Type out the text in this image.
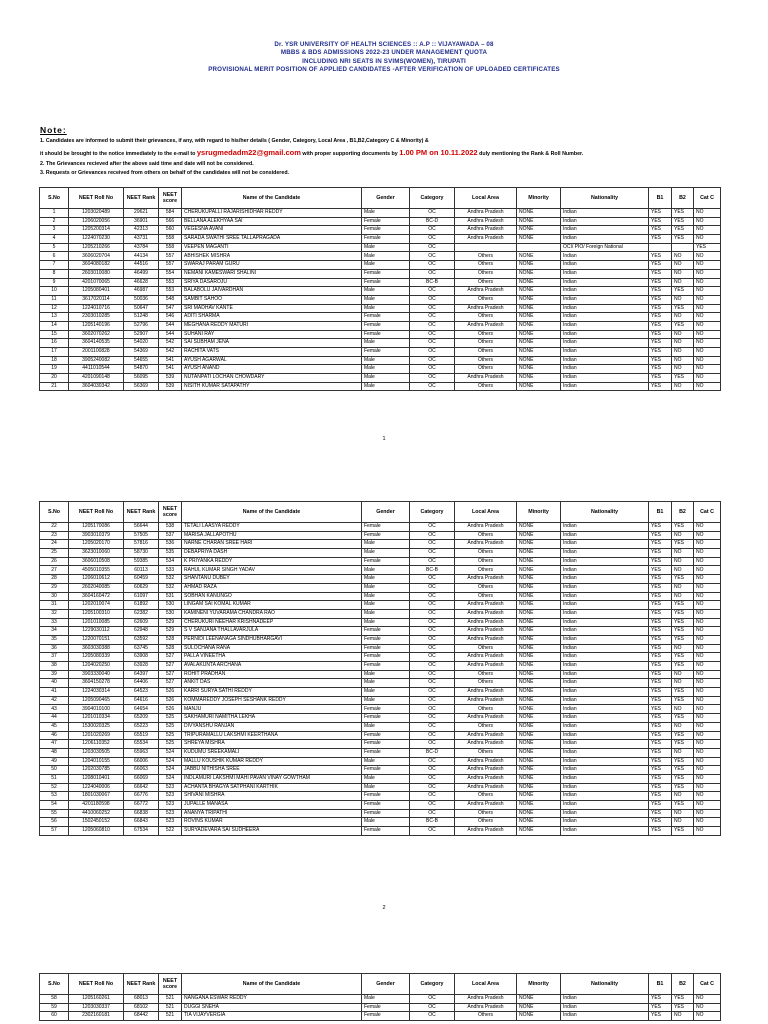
Dr. YSR UNIVERSITY OF HEALTH SCIENCES :: A.P :: VIJAYAWADA – 08
MBBS & BDS ADMISSIONS 2022-23 UNDER MANAGEMENT QUOTA
INCLUDING NRI SEATS IN SVIMS(WOMEN), TIRUPATI
PROVISIONAL MERIT POSITION OF APPLIED CANDIDATES -AFTER VERIFICATION OF UPLOADED CERTIFICATES
Note:
1. Candidates are informed to submit their grievances, if any, with regard to his/her details ( Gender, Category, Local Area , B1,B2,Category C & Minority) &
it should be brought to the notice immediately to the e-mail to ysrugmedadm22@gmail.com with proper supporting documents by 1.00 PM on 10.11.2022 duly mentioning the Rank & Roll Number.
2. The Grievances recieved after the above said time and date will not be considered.
3. Requests or Grievances received from others on behalf of the candidates will not be considered.
S.No	NEET Roll No	NEET Rank	NEET score	Name of the Candidate	Gender	Category	Local Area	Minority	Nationality	B1	B2	Cat C
1	1203020489	29621	584	CHERUKUPALLI RAJARISHIDHAR REDDY	Male	OC	Andhra Pradesh	NONE	Indian	YES	YES	NO
2	1206020056	36901	566	BELLANA ALEKHYAA SAI	Female	BC-D	Andhra Pradesh	NONE	Indian	YES	YES	NO
3	1205200314	42313	560	VEGESNA AVANI	Female	OC	Andhra Pradesh	NONE	Indian	YES	YES	NO
4	1224070230	43731	558	SARADA SWATHI SREE TALLAPRAGADA	Female	OC	Andhra Pradesh	NONE	Indian	YES	YES	NO
5	1205210266	43784	558	VEEPEN MAGANTI	Male	OC			OCI/ PIO/ Foreign National			YES
6	3606020704	44134	557	ABHISHEK MISHRA	Male	OC	Others	NONE	Indian	YES	NO	NO
7	3604080182	44516	557	SWARAJ PARAM GURU	Male	OC	Others	NONE	Indian	YES	NO	NO
8	2603010080	46499	554	NEMANI KAMESWARI SHALINI	Female	OC	Others	NONE	Indian	YES	NO	NO
9	4201070065	46628	553	SRIYA DASAROJU	Female	BC-B	Others	NONE	Indian	YES	NO	NO
10	1205080401	46987	553	BALABOLU JAIVARDHAN	Male	OC	Andhra Pradesh	NONE	Indian	YES	YES	NO
11	3617020114	50036	548	SAMBIT SAHOO	Male	OC	Others	NONE	Indian	YES	NO	NO
12	1224010716	50647	547	SRI MADHAV KANTE	Male	OC	Andhra Pradesh	NONE	Indian	YES	YES	NO
13	2303010285	51248	546	ADITI SHARMA	Female	OC	Others	NONE	Indian	YES	NO	NO
14	1205140196	52796	544	MEGHANA REDDY MATURI	Female	OC	Andhra Pradesh	NONE	Indian	YES	YES	NO
15	3602070262	52907	544	SUHANI RAY	Female	OC	Others	NONE	Indian	YES	NO	NO
16	3604140535	54020	542	SAI SUBHAM JENA	Male	OC	Others	NONE	Indian	YES	NO	NO
17	2001100828	54369	542	RACHITA VATS	Female	OC	Others	NONE	Indian	YES	NO	NO
18	3905240082	54655	541	AYUSH AGARWAL	Male	OC	Others	NONE	Indian	YES	NO	NO
19	4411010544	54870	541	AYUSH ANAND	Male	OC	Others	NONE	Indian	YES	NO	NO
20	4201090148	56095	539	NUTANPATI LOCHAN CHOWDARY	Male	OC	Andhra Pradesh	NONE	Indian	YES	YES	NO
21	3604030342	56369	539	NISITH KUMAR SATAPATHY	Male	OC	Others	NONE	Indian	YES	NO	NO
1
S.No	NEET Roll No	NEET Rank	NEET score	Name of the Candidate	Gender	Category	Local Area	Minority	Nationality	B1	B2	Cat C
22	1205170086	56644	538	TETALI LAASYA REDDY	Female	OC	Andhra Pradesh	NONE	Indian	YES	YES	NO
23	3903010379	57505	537	MARISA JALLAPOTHU	Female	OC	Others	NONE	Indian	YES	NO	NO
24	1205020170	57816	536	NARNE CHARAN SREE HARI	Male	OC	Andhra Pradesh	NONE	Indian	YES	YES	NO
25	3623010060	58730	535	DEBAPRIYA DASH	Male	OC	Others	NONE	Indian	YES	NO	NO
26	3606010508	59385	534	K PRIYANKA REDDY	Female	OC	Others	NONE	Indian	YES	NO	NO
27	4505010355	60113	533	RAHUL KUMAR SINGH YADAV	Male	BC-B	Others	NONE	Indian	YES	NO	NO
28	1206010612	60459	532	SHANTANU DUBEY	Male	OC	Andhra Pradesh	NONE	Indian	YES	YES	NO
29	2602040085	60629	532	AHMAD RAZA	Male	OC	Others	NONE	Indian	YES	NO	NO
30	3604160472	61097	531	SOBHAN KANUNGO	Male	OC	Others	NONE	Indian	YES	NO	NO
31	1202010074	61892	530	LINGAM SAI KOMAL KUMAR	Male	OC	Andhra Pradesh	NONE	Indian	YES	YES	NO
32	1205100310	62382	530	KAMINENI YUVARAMA CHANDRA RAO	Male	OC	Andhra Pradesh	NONE	Indian	YES	YES	NO
33	1201010085	62609	529	CHERUKURI NEEHAR KRISHNADEEP	Male	OC	Andhra Pradesh	NONE	Indian	YES	YES	NO
34	1229030112	62948	529	S V SANJANA THALLAVARJULA	Female	OC	Andhra Pradesh	NONE	Indian	YES	YES	NO
35	1220070151	63592	528	PERNIDI LEENANAGA SINDHUBHARGAVI	Female	OC	Andhra Pradesh	NONE	Indian	YES	YES	NO
36	3603030388	63745	528	SULOCHANA RANA	Female	OC	Others	NONE	Indian	YES	NO	NO
37	1205080339	63908	527	PALLA VINEETHA	Female	OC	Andhra Pradesh	NONE	Indian	YES	YES	NO
38	1204020250	63928	527	AVALAKUNTA ARCHANA	Female	OC	Andhra Pradesh	NONE	Indian	YES	YES	NO
39	3903330040	64397	527	ROHIT PRADHAN	Male	OC	Others	NONE	Indian	YES	NO	NO
40	3604150278	64406	527	ANKIT DAS	Male	OC	Others	NONE	Indian	YES	NO	NO
41	1224030314	64523	526	KARRI SURYA SATHI REDDY	Male	OC	Andhra Pradesh	NONE	Indian	YES	YES	NO
42	1205090465	64616	526	KOMMAREDDY JOSEPH SESHANK REDDY	Male	OC	Andhra Pradesh	NONE	Indian	YES	YES	NO
43	3904010100	64654	526	MANJU	Female	OC	Others	NONE	Indian	YES	NO	NO
44	1201010334	65209	525	SAKHAMURI NAMITHA LEKHA	Female	OC	Andhra Pradesh	NONE	Indian	YES	YES	NO
45	1530020325	65223	525	DIVYANSHU RANJAN	Male	OC	Others	NONE	Indian	YES	NO	NO
46	1201020269	65519	525	TRIPURAMALLU LAKSHMI KEERTHANA	Female	OC	Andhra Pradesh	NONE	Indian	YES	YES	NO
47	1206110352	65534	525	SHREYA MISHRA	Female	OC	Andhra Pradesh	NONE	Indian	YES	YES	NO
48	1203030505	65963	524	KUDUMU SREEKAMALI	Female	BC-D	Others	NONE	Indian	YES	NO	NO
49	1204010155	66006	524	MALLU KOUSHIK KUMAR REDDY	Male	OC	Andhra Pradesh	NONE	Indian	YES	YES	NO
50	1202030785	66063	524	JABBU NITHISHA SREE	Female	OC	Andhra Pradesh	NONE	Indian	YES	YES	NO
51	1208010401	66069	524	INDLAMURI LAKSHMI MAHI PAVAN VINAY GOWTHAM	Male	OC	Andhra Pradesh	NONE	Indian	YES	YES	NO
52	1224040006	66642	523	ACHANTA BHAGYA SATPHANI KARTHIK	Male	OC	Andhra Pradesh	NONE	Indian	YES	YES	NO
53	1801030067	66776	523	SHIVANI MISHRA	Female	OC	Others	NONE	Indian	YES	NO	NO
54	4201180598	66772	523	JUPALLE MANASA	Female	OC	Andhra Pradesh	NONE	Indian	YES	YES	NO
55	4410060252	66838	523	ANANYA TRIPATHI	Female	OC	Others	NONE	Indian	YES	NO	NO
56	1502450152	66843	523	ROVINS KUMAR	Male	BC-B	Others	NONE	Indian	YES	NO	NO
57	1205060810	67534	522	SURYADEVARA SAI SUDHEERA	Female	OC	Andhra Pradesh	NONE	Indian	YES	YES	NO
2
S.No	NEET Roll No	NEET Rank	NEET score	Name of the Candidate	Gender	Category	Local Area	Minority	Nationality	B1	B2	Cat C
58	1205160261	68013	521	NANGANA ESWAR REDDY	Male	OC	Andhra Pradesh	NONE	Indian	YES	YES	NO
59	1203030337	68102	521	DUGGI SNEHA	Female	OC	Andhra Pradesh	NONE	Indian	YES	YES	NO
60	2302160181	68442	521	TIA VIJAYVERGIA	Female	OC	Others	NONE	Indian	YES	NO	NO
